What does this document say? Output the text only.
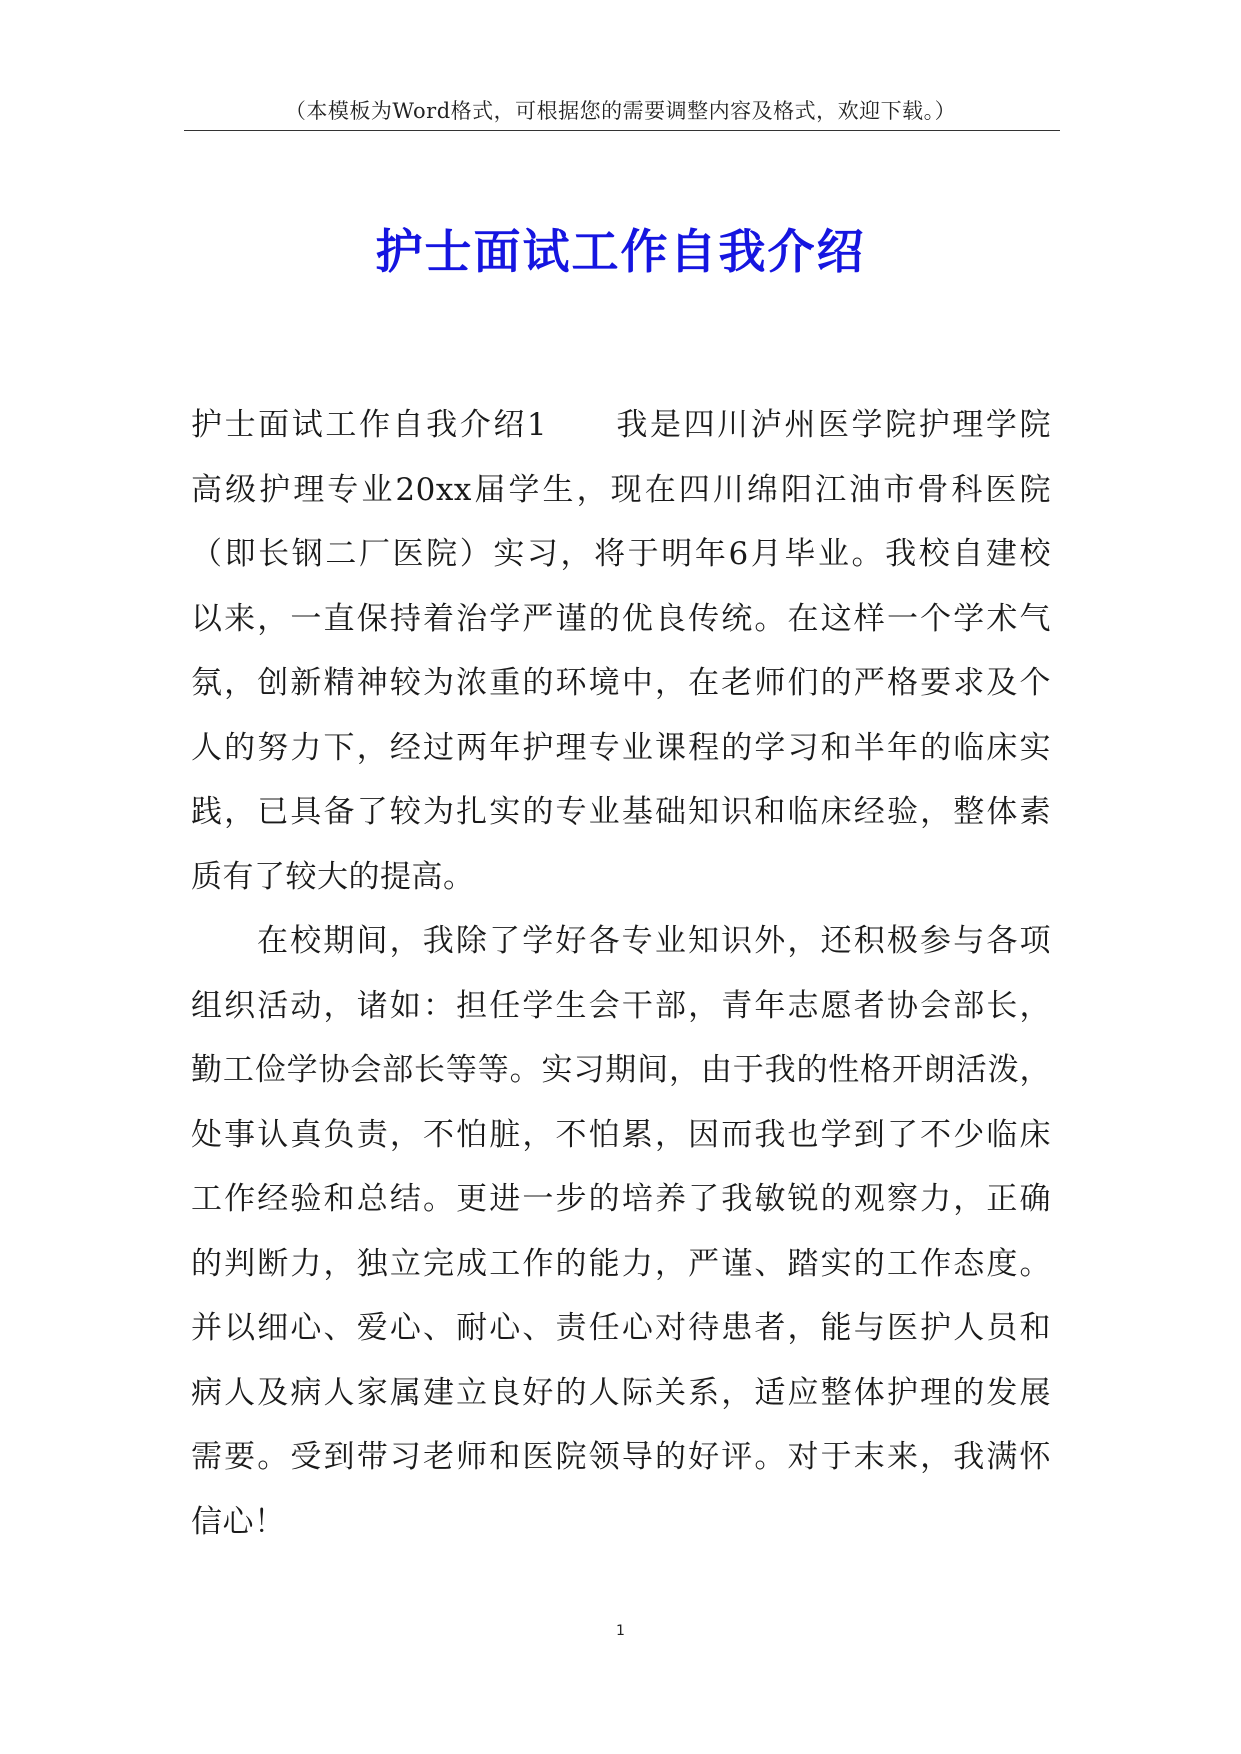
（本模板为Word格式，可根据您的需要调整内容及格式，欢迎下载。）
护士面试工作自我介绍
护士面试工作自我介绍1　　我是四川泸州医学院护理学院
高级护理专业20xx届学生，现在四川绵阳江油市骨科医院
（即长钢二厂医院）实习，将于明年6月毕业。我校自建校
以来，一直保持着治学严谨的优良传统。在这样一个学术气
氛，创新精神较为浓重的环境中，在老师们的严格要求及个
人的努力下，经过两年护理专业课程的学习和半年的临床实
践，已具备了较为扎实的专业基础知识和临床经验，整体素
质有了较大的提高。
在校期间，我除了学好各专业知识外，还积极参与各项
组织活动，诸如：担任学生会干部，青年志愿者协会部长，
勤工俭学协会部长等等。实习期间，由于我的性格开朗活泼，
处事认真负责，不怕脏，不怕累，因而我也学到了不少临床
工作经验和总结。更进一步的培养了我敏锐的观察力，正确
的判断力，独立完成工作的能力，严谨、踏实的工作态度。
并以细心、爱心、耐心、责任心对待患者，能与医护人员和
病人及病人家属建立良好的人际关系，适应整体护理的发展
需要。受到带习老师和医院领导的好评。对于末来，我满怀
信心！
1
